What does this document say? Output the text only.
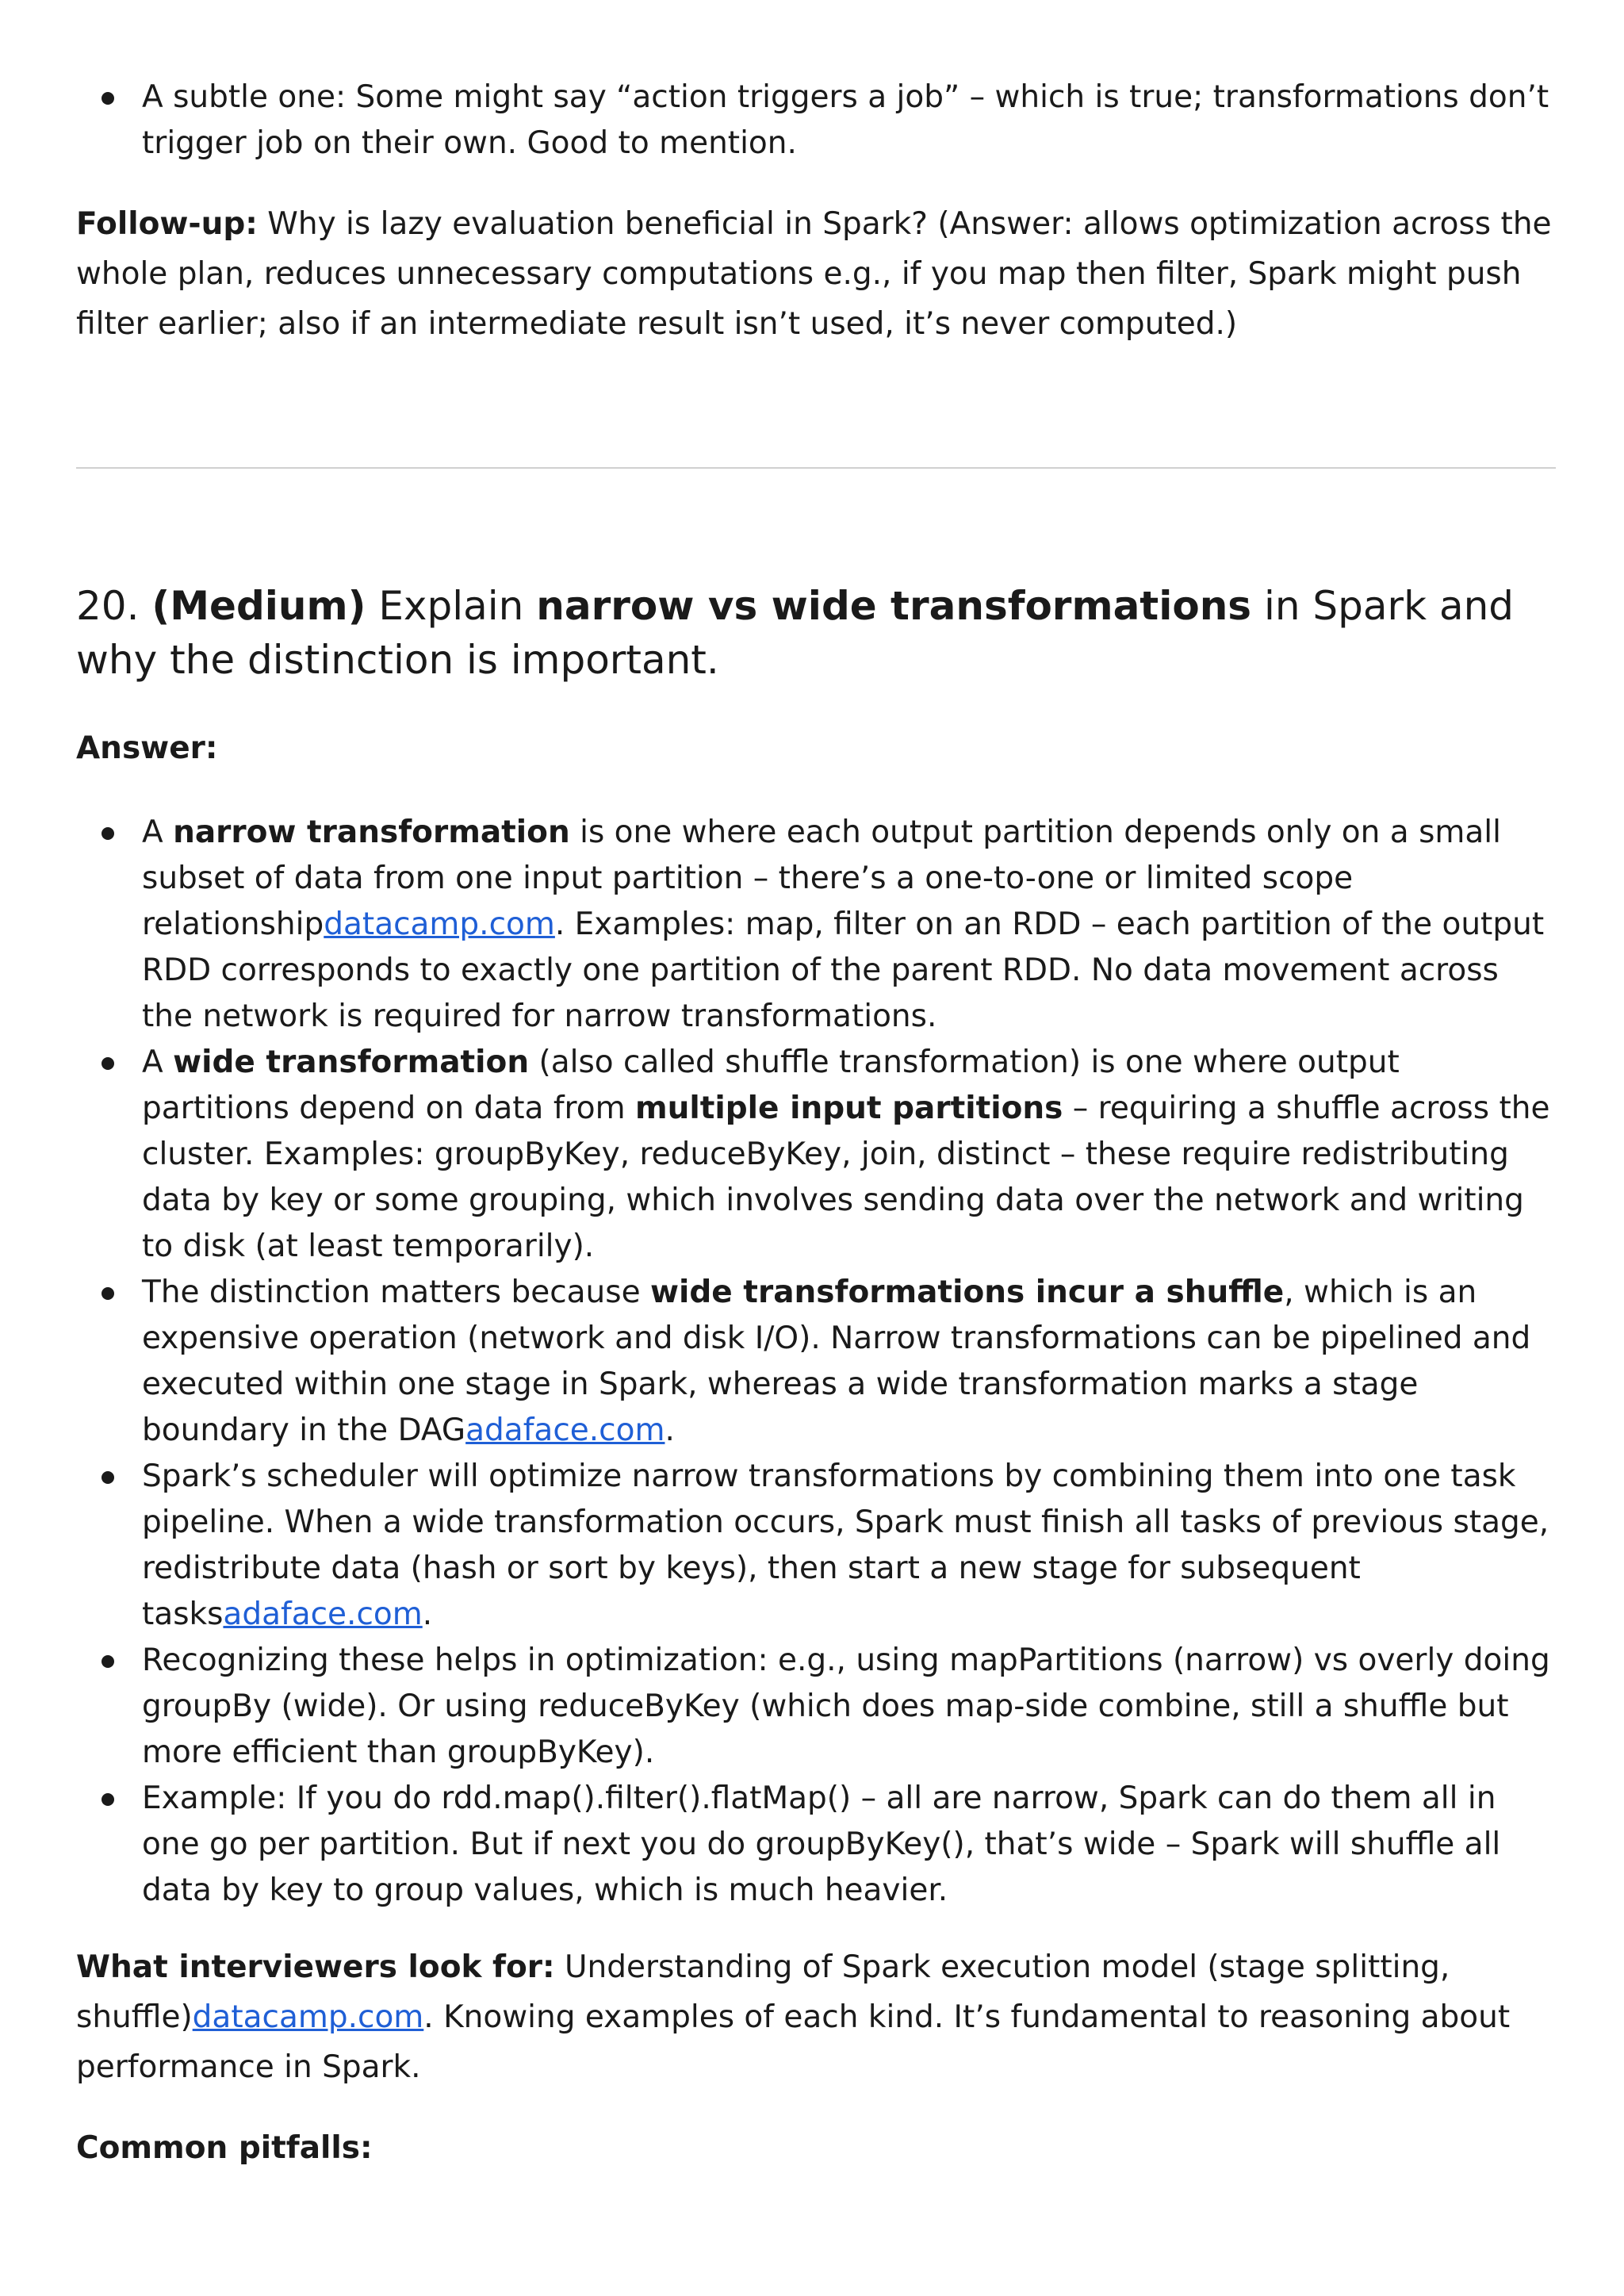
A subtle one: Some might say “action triggers a job” – which is true; transformations don’t trigger job on their own. Good to mention.

Follow-up: Why is lazy evaluation beneficial in Spark? (Answer: allows optimization across the whole plan, reduces unnecessary computations e.g., if you map then filter, Spark might push filter earlier; also if an intermediate result isn’t used, it’s never computed.)

20. (Medium) Explain narrow vs wide transformations in Spark and why the distinction is important.

Answer:

A narrow transformation is one where each output partition depends only on a small subset of data from one input partition – there’s a one-to-one or limited scope relationshipdatacamp.com. Examples: map, filter on an RDD – each partition of the output RDD corresponds to exactly one partition of the parent RDD. No data movement across the network is required for narrow transformations.
A wide transformation (also called shuffle transformation) is one where output partitions depend on data from multiple input partitions – requiring a shuffle across the cluster. Examples: groupByKey, reduceByKey, join, distinct – these require redistributing data by key or some grouping, which involves sending data over the network and writing to disk (at least temporarily).
The distinction matters because wide transformations incur a shuffle, which is an expensive operation (network and disk I/O). Narrow transformations can be pipelined and executed within one stage in Spark, whereas a wide transformation marks a stage boundary in the DAGadaface.com.
Spark’s scheduler will optimize narrow transformations by combining them into one task pipeline. When a wide transformation occurs, Spark must finish all tasks of previous stage, redistribute data (hash or sort by keys), then start a new stage for subsequent tasksadaface.com.
Recognizing these helps in optimization: e.g., using mapPartitions (narrow) vs overly doing groupBy (wide). Or using reduceByKey (which does map-side combine, still a shuffle but more efficient than groupByKey).
Example: If you do rdd.map().filter().flatMap() – all are narrow, Spark can do them all in one go per partition. But if next you do groupByKey(), that’s wide – Spark will shuffle all data by key to group values, which is much heavier.

What interviewers look for: Understanding of Spark execution model (stage splitting, shuffle)datacamp.com. Knowing examples of each kind. It’s fundamental to reasoning about performance in Spark.

Common pitfalls:
